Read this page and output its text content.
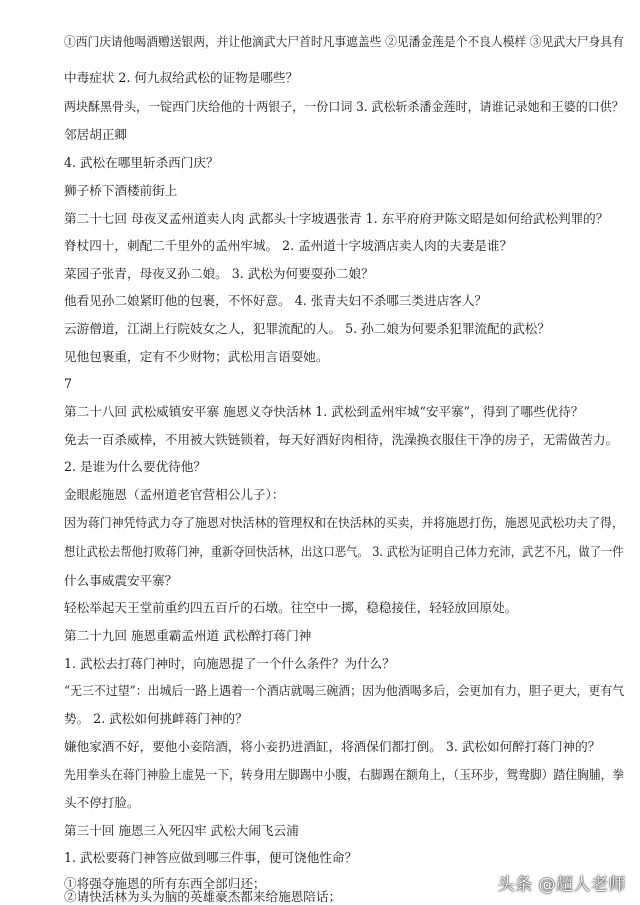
①西门庆请他喝酒赠送银两，并让他滴武大尸首时凡事遮盖些 ②见潘金莲是个不良人模样 ③见武大尸身具有
中毒症状 2. 何九叔给武松的证物是哪些？
两块酥黑骨头，一锭西门庆给他的十两银子，一份口词 3. 武松斩杀潘金莲时，请谁记录她和王婆的口供？
邻居胡正卿
4. 武松在哪里斩杀西门庆？
狮子桥下酒楼前街上
第二十七回 母夜叉孟州道卖人肉 武都头十字坡遇张青 1. 东平府府尹陈文昭是如何给武松判罪的？
脊杖四十，刺配二千里外的孟州牢城。 2. 孟州道十字坡酒店卖人肉的夫妻是谁？
菜园子张青，母夜叉孙二娘。 3. 武松为何要耍孙二娘？
他看见孙二娘紧盯他的包裹，不怀好意。 4. 张青夫妇不杀哪三类进店客人？
云游僧道，江湖上行院妓女之人，犯罪流配的人。 5. 孙二娘为何要杀犯罪流配的武松？
见他包裹重，定有不少财物；武松用言语耍她。
7
第二十八回 武松威镇安平寨 施恩义夺快活林 1. 武松到孟州牢城“安平寨”，得到了哪些优待？
免去一百杀威棒，不用被大铁链锁着，每天好酒好肉相待，洗澡换衣服住干净的房子，无需做苦力。
2. 是谁为什么要优待他？
金眼彪施恩（孟州道老官营相公儿子）：
因为蒋门神凭恃武力夺了施恩对快活林的管理权和在快活林的买卖，并将施恩打伤，施恩见武松功夫了得，
想让武松去帮他打败蒋门神，重新夺回快活林，出这口恶气。 3. 武松为证明自己体力充沛，武艺不凡，做了一件
什么事威震安平寨？
轻松举起天王堂前重约四五百斤的石墩。往空中一掷，稳稳接住，轻轻放回原处。
第二十九回 施恩重霸孟州道 武松醉打蒋门神
1. 武松去打蒋门神时，向施恩提了一个什么条件？为什么？
“无三不过望”：出城后一路上遇着一个酒店就喝三碗酒；因为他酒喝多后，会更加有力，胆子更大，更有气
势。 2. 武松如何挑衅蒋门神的？
嫌他家酒不好，要他小妾陪酒，将小妾扔进酒缸，将酒保们都打倒。 3. 武松如何醉打蒋门神的？
先用拳头在蒋门神脸上虚晃一下，转身用左脚踢中小腹，右脚踢在额角上，（玉环步，鸳鸯脚）踏住胸脯，拳
头不停打脸。
第三十回 施恩三入死囚牢 武松大闹飞云浦
1. 武松要蒋门神答应做到哪三件事，便可饶他性命？
①将强夺施恩的所有东西全部归还；
②请快活林为头为脑的英雄豪杰都来给施恩陪话；
头条 @超人老师
